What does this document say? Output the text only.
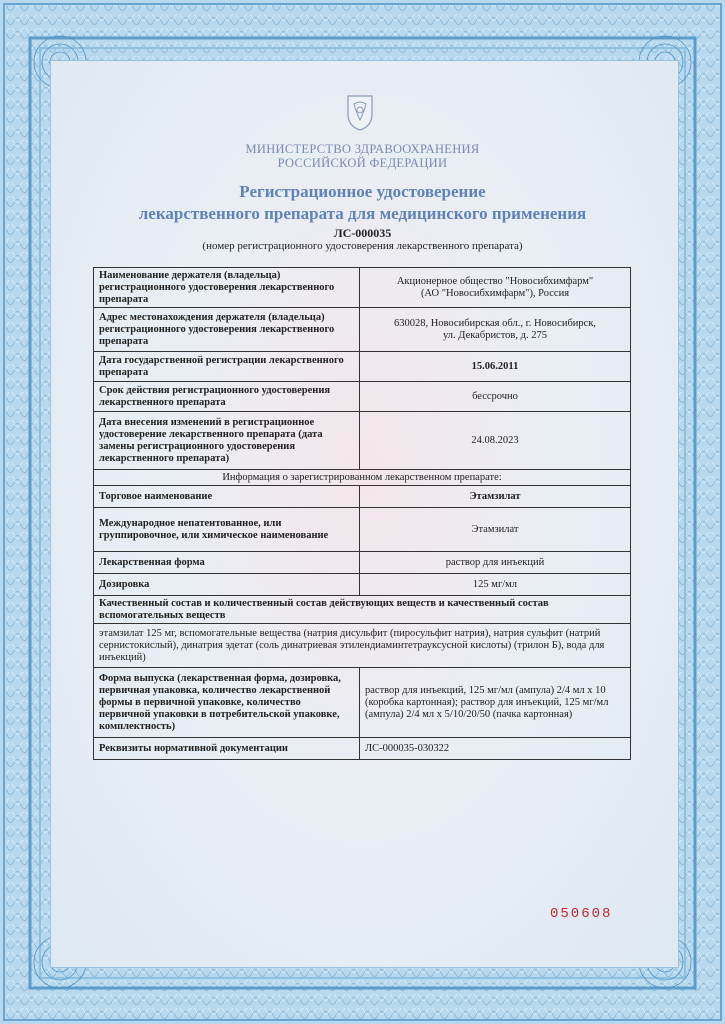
МИНИСТЕРСТВО ЗДРАВООХРАНЕНИЯ
РОССИЙСКОЙ ФЕДЕРАЦИИ
Регистрационное удостоверение
лекарственного препарата для медицинского применения
ЛС-000035
(номер регистрационного удостоверения лекарственного препарата)
Наименование держателя (владельца) регистрационного удостоверения лекарственного препарата	Акционерное общество "Новосибхимфарм"
(АО "Новосибхимфарм"), Россия

Адрес местонахождения держателя (владельца) регистрационного удостоверения лекарственного препарата	630028, Новосибирская обл., г. Новосибирск,
ул. Декабристов, д. 275

Дата государственной регистрации лекарственного препарата	15.06.2011
Срок действия регистрационного удостоверения лекарственного препарата	бессрочно
Дата внесения изменений в регистрационное удостоверение лекарственного препарата (дата замены регистрационного удостоверения лекарственного препарата)	24.08.2023
Информация о зарегистрированном лекарственном препарате:	
Торговое наименование	Этамзилат
Международное непатентованное, или группировочное, или химическое наименование	Этамзилат
Лекарственная форма	раствор для инъекций
Дозировка	125 мг/мл
Качественный состав и количественный состав действующих веществ и качественный состав вспомогательных веществ	
этамзилат 125 мг, вспомогательные вещества (натрия дисульфит (пиросульфит натрия), натрия сульфит (натрий сернистокислый), динатрия эдетат (соль динатриевая этилендиаминтетрауксусной кислоты) (трилон Б), вода для инъекций)	
Форма выпуска (лекарственная форма, дозировка, первичная упаковка, количество лекарственной формы в первичной упаковке, количество первичной упаковки в потребительской упаковке, комплектность)	раствор для инъекций, 125 мг/мл (ампула) 2/4 мл x 10 (коробка картонная); раствор для инъекций, 125 мг/мл (ампула) 2/4 мл x 5/10/20/50 (пачка картонная)
Реквизиты нормативной документации	ЛС-000035-030322
050608
